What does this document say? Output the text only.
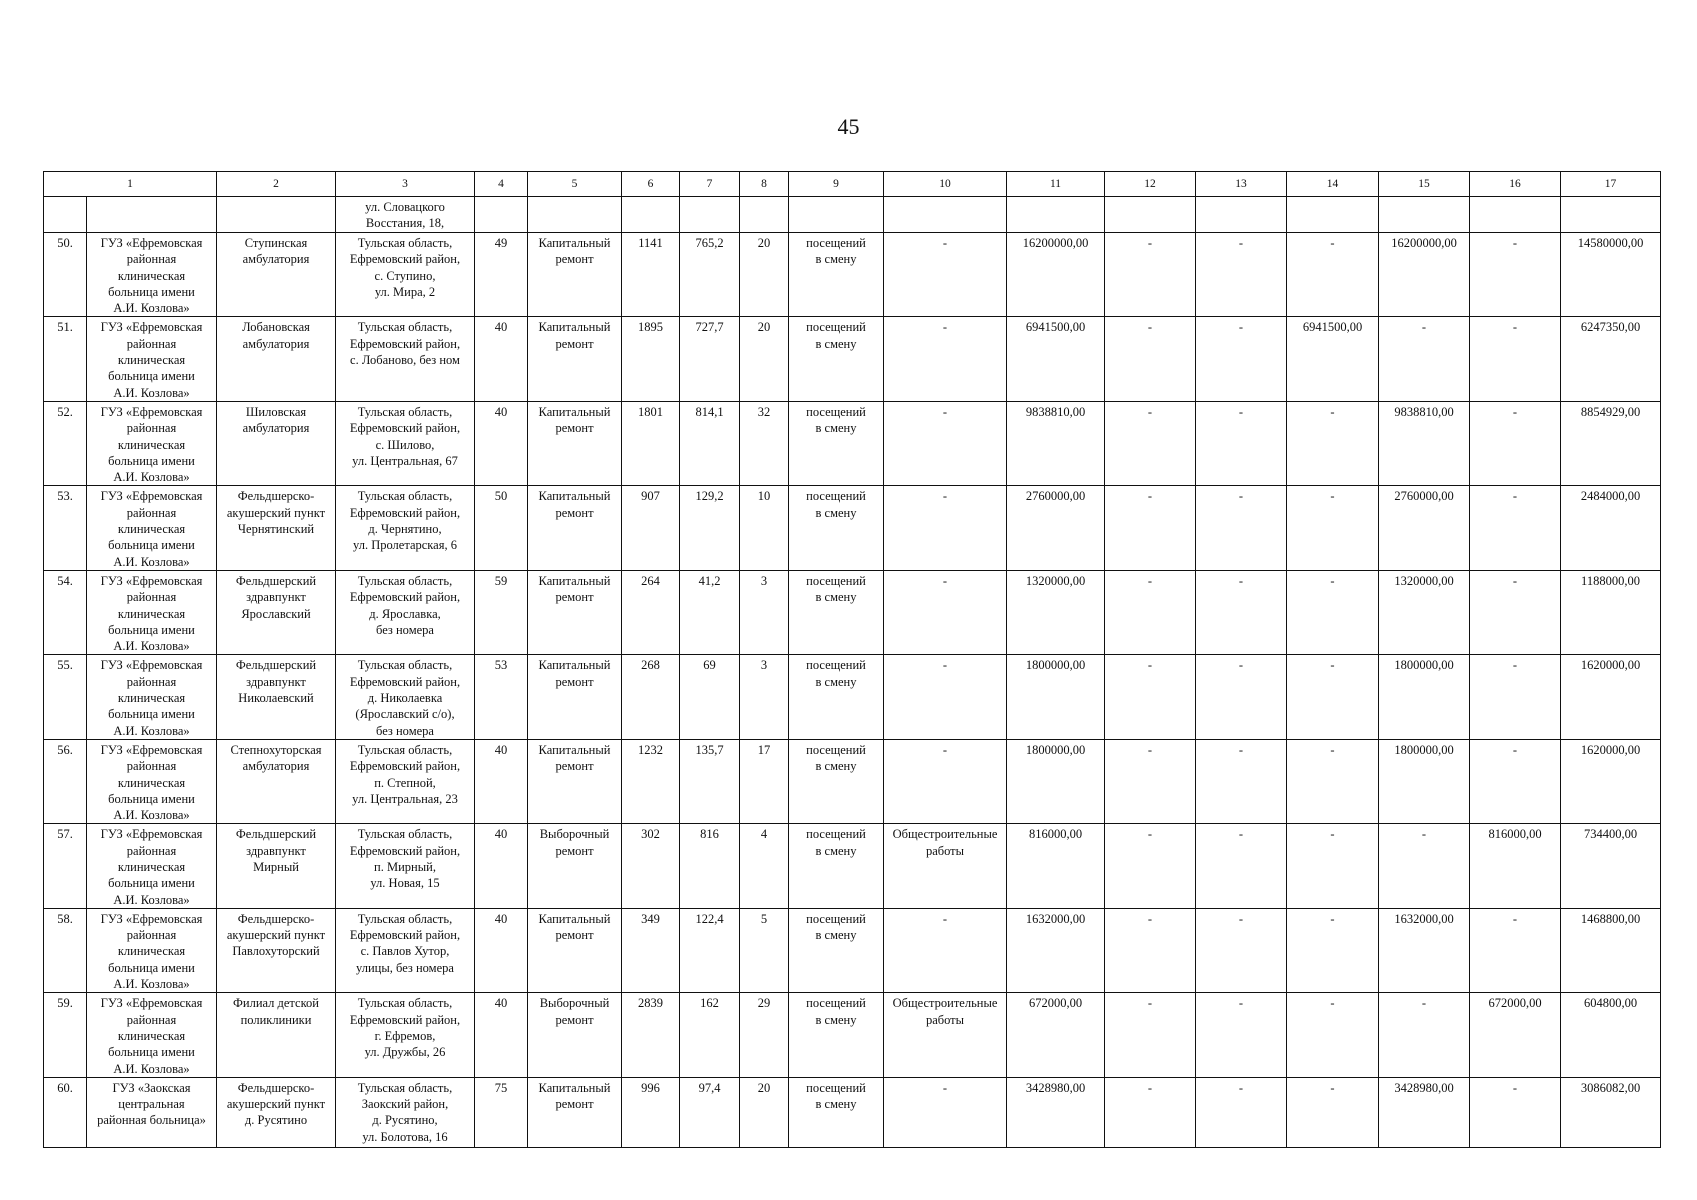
45
1		2	3	4	5	6	7	8	9	10	11	12	13	14	15	16	17
			ул. Словацкого
Восстания, 18,														
50.	ГУЗ «Ефремовская
районная
клиническая
больница имени
А.И. Козлова»	Ступинская
амбулатория	Тульская область,
Ефремовский район,
с. Ступино,
ул. Мира, 2	49	Капитальный
ремонт	1141	765,2	20	посещений
в смену	-	16200000,00	-	-	-	16200000,00	-	14580000,00
51.	ГУЗ «Ефремовская
районная
клиническая
больница имени
А.И. Козлова»	Лобановская
амбулатория	Тульская область,
Ефремовский район,
с. Лобаново, без ном	40	Капитальный
ремонт	1895	727,7	20	посещений
в смену	-	6941500,00	-	-	6941500,00	-	-	6247350,00
52.	ГУЗ «Ефремовская
районная
клиническая
больница имени
А.И. Козлова»	Шиловская
амбулатория	Тульская область,
Ефремовский район,
с. Шилово,
ул. Центральная, 67	40	Капитальный
ремонт	1801	814,1	32	посещений
в смену	-	9838810,00	-	-	-	9838810,00	-	8854929,00
53.	ГУЗ «Ефремовская
районная
клиническая
больница имени
А.И. Козлова»	Фельдшерско-
акушерский пункт
Чернятинский	Тульская область,
Ефремовский район,
д. Чернятино,
ул. Пролетарская, 6	50	Капитальный
ремонт	907	129,2	10	посещений
в смену	-	2760000,00	-	-	-	2760000,00	-	2484000,00
54.	ГУЗ «Ефремовская
районная
клиническая
больница имени
А.И. Козлова»	Фельдшерский
здравпункт
Ярославский	Тульская область,
Ефремовский район,
д. Ярославка,
без номера	59	Капитальный
ремонт	264	41,2	3	посещений
в смену	-	1320000,00	-	-	-	1320000,00	-	1188000,00
55.	ГУЗ «Ефремовская
районная
клиническая
больница имени
А.И. Козлова»	Фельдшерский
здравпункт
Николаевский	Тульская область,
Ефремовский район,
д. Николаевка
(Ярославский с/о),
без номера	53	Капитальный
ремонт	268	69	3	посещений
в смену	-	1800000,00	-	-	-	1800000,00	-	1620000,00
56.	ГУЗ «Ефремовская
районная
клиническая
больница имени
А.И. Козлова»	Степнохуторская
амбулатория	Тульская область,
Ефремовский район,
п. Степной,
ул. Центральная, 23	40	Капитальный
ремонт	1232	135,7	17	посещений
в смену	-	1800000,00	-	-	-	1800000,00	-	1620000,00
57.	ГУЗ «Ефремовская
районная
клиническая
больница имени
А.И. Козлова»	Фельдшерский
здравпункт
Мирный	Тульская область,
Ефремовский район,
п. Мирный,
ул. Новая, 15	40	Выборочный
ремонт	302	816	4	посещений
в смену	Общестроительные
работы	816000,00	-	-	-	-	816000,00	734400,00
58.	ГУЗ «Ефремовская
районная
клиническая
больница имени
А.И. Козлова»	Фельдшерско-
акушерский пункт
Павлохуторский	Тульская область,
Ефремовский район,
с. Павлов Хутор,
улицы, без номера	40	Капитальный
ремонт	349	122,4	5	посещений
в смену	-	1632000,00	-	-	-	1632000,00	-	1468800,00
59.	ГУЗ «Ефремовская
районная
клиническая
больница имени
А.И. Козлова»	Филиал детской
поликлиники	Тульская область,
Ефремовский район,
г. Ефремов,
ул. Дружбы, 26	40	Выборочный
ремонт	2839	162	29	посещений
в смену	Общестроительные
работы	672000,00	-	-	-	-	672000,00	604800,00
60.	ГУЗ «Заокская
центральная
районная больница»	Фельдшерско-
акушерский пункт
д. Русятино	Тульская область,
Заокский район,
д. Русятино,
ул. Болотова, 16	75	Капитальный
ремонт	996	97,4	20	посещений
в смену	-	3428980,00	-	-	-	3428980,00	-	3086082,00
